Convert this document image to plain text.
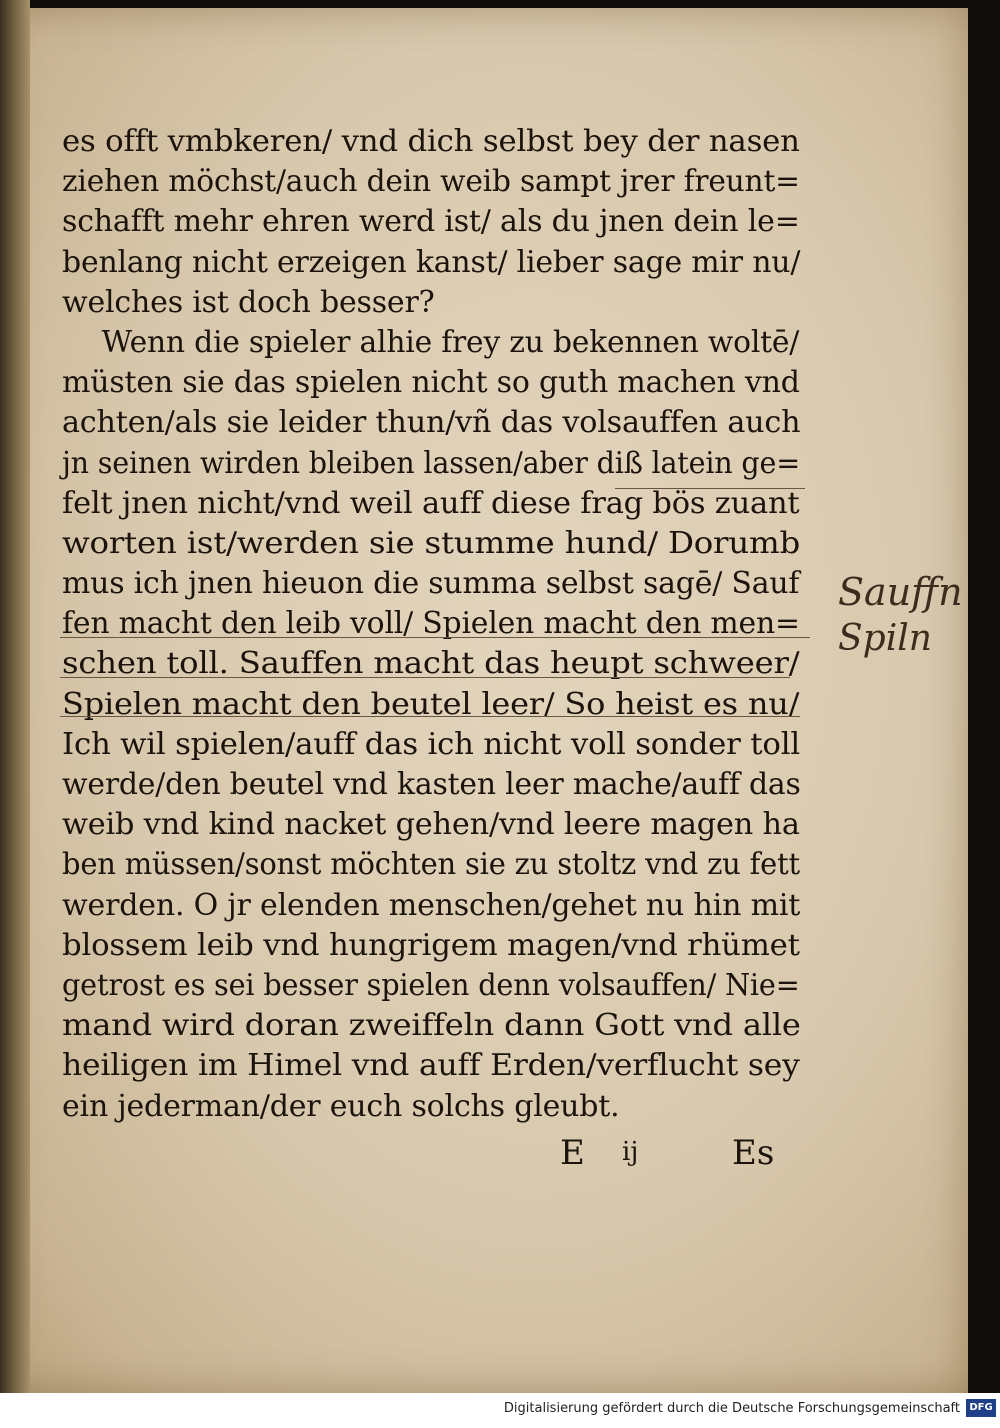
es offt vmbkeren/ vnd dich selbst bey der nasen
ziehen möchst/auch dein weib sampt jrer freunt=
schafft mehr ehren werd ist/ als du jnen dein le=
benlang nicht erzeigen kanst/ lieber sage mir nu/
welches ist doch besser?
Wenn die spieler alhie frey zu bekennen woltē/
müsten sie das spielen nicht so guth machen vnd
achten/als sie leider thun/vñ das volsauffen auch
jn seinen wirden bleiben lassen/aber diß latein ge=
felt jnen nicht/vnd weil auff diese frag bös zuant
worten ist/werden sie stumme hund/ Dorumb
mus ich jnen hieuon die summa selbst sagē/ Sauf
fen macht den leib voll/ Spielen macht den men=
schen toll. Sauffen macht das heupt schweer/
Spielen macht den beutel leer/ So heist es nu/
Ich wil spielen/auff das ich nicht voll sonder toll
werde/den beutel vnd kasten leer mache/auff das
weib vnd kind nacket gehen/vnd leere magen ha
ben müssen/sonst möchten sie zu stoltz vnd zu fett
werden. O jr elenden menschen/gehet nu hin mit
blossem leib vnd hungrigem magen/vnd rhümet
getrost es sei besser spielen denn volsauffen/ Nie=
mand wird doran zweiffeln dann Gott vnd alle
heiligen im Himel vnd auff Erden/verflucht sey
ein jederman/der euch solchs gleubt.
Sauffn
Spiln
E ij	Es
Digitalisierung gefördert durch die Deutsche Forschungsgemeinschaft DFG
